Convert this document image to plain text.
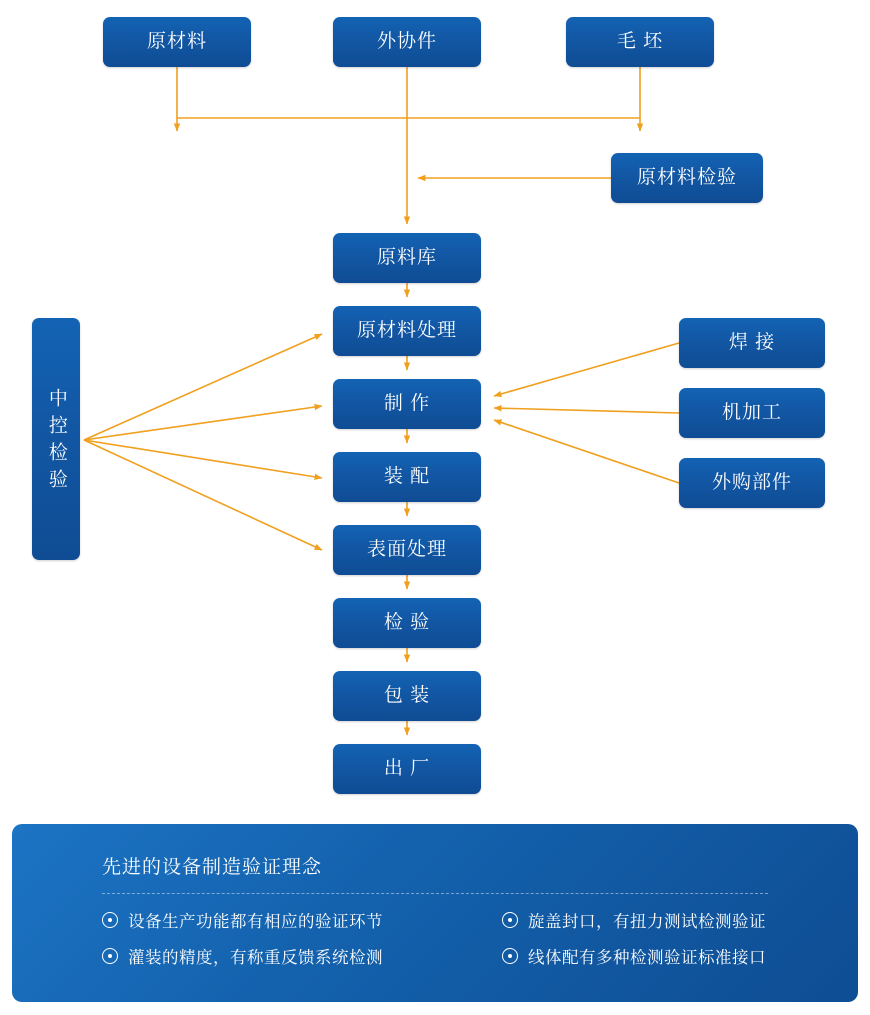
原材料	外协件	毛 坯
原材料检验
原料库
原材料处理
制 作
装 配
表面处理
检 验
包 装
出 厂
焊 接
机加工
外购部件
中控检验
先进的设备制造验证理念
设备生产功能都有相应的验证环节	旋盖封口，有扭力测试检测验证
灌装的精度，有称重反馈系统检测	线体配有多种检测验证标准接口
